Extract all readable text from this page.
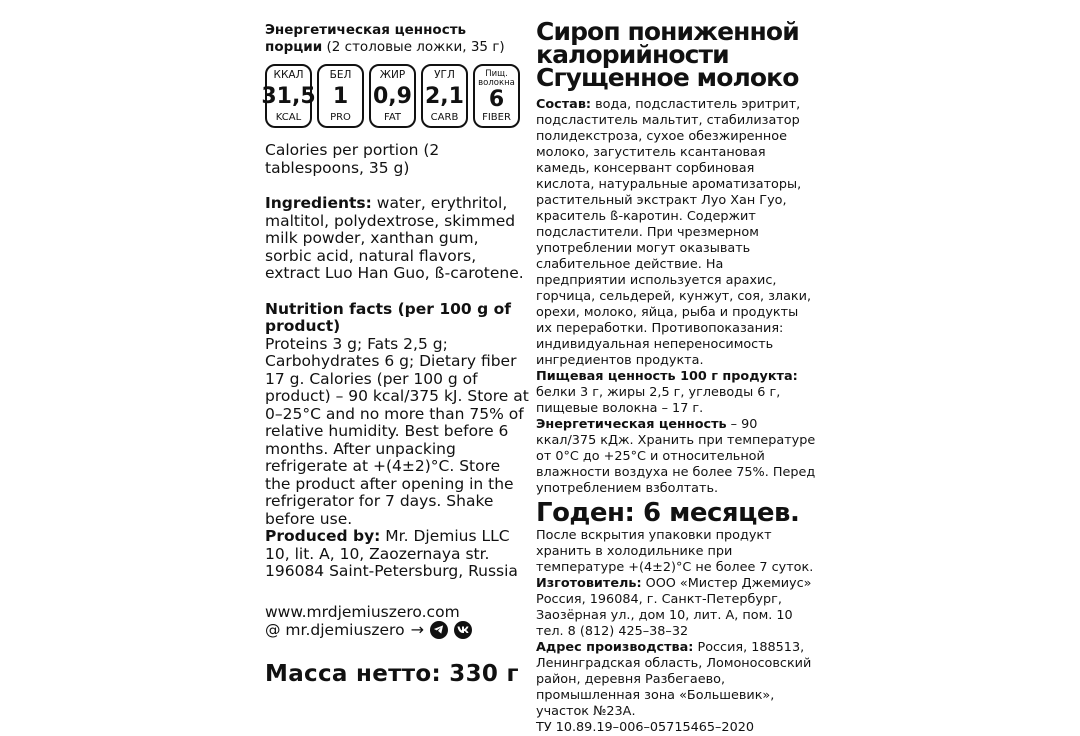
Энергетическая ценность
порции (2 столовые ложки, 35 г)
ККАЛ
31,5
KCAL
БЕЛ
1
PRO
ЖИР
0,9
FAT
УГЛ
2,1
CARB
Пищ. волокна
6
FIBER
Calories per portion (2 tablespoons, 35 g)
Ingredients: water, erythritol, maltitol, polydextrose, skimmed milk powder, xanthan gum, sorbic acid, natural flavors, extract Luo Han Guo, ß-carotene.
Nutrition facts (per 100 g of product)
Proteins 3 g; Fats 2,5 g; Carbohydrates 6 g; Dietary fiber 17 g. Calories (per 100 g of product) – 90 kcal/375 kJ. Store at 0–25°C and no more than 75% of relative humidity. Best before 6 months. After unpacking refrigerate at +(4±2)°C. Store the product after opening in the refrigerator for 7 days. Shake before use.
Produced by: Mr. Djemius LLC 10, lit. A, 10, Zaozernaya str. 196084 Saint-Petersburg, Russia
www.mrdjemiuszero.com
@ mr.djemiuszero →
Масса нетто: 330 г
Сироп пониженной калорийности Сгущенное молоко
Состав: вода, подсластитель эритрит, подсластитель мальтит, стабилизатор полидекстроза, сухое обезжиренное молоко, загуститель ксантановая камедь, консервант сорбиновая кислота, натуральные ароматизаторы, растительный экстракт Луо Хан Гуо, краситель ß-каротин. Содержит подсластители. При чрезмерном употреблении могут оказывать слабительное действие. На предприятии используется арахис, горчица, сельдерей, кунжут, соя, злаки, орехи, молоко, яйца, рыба и продукты их переработки. Противопоказания: индивидуальная непереносимость ингредиентов продукта.
Пищевая ценность 100 г продукта: белки 3 г, жиры 2,5 г, углеводы 6 г, пищевые волокна – 17 г.
Энергетическая ценность – 90 ккал/375 кДж. Хранить при температуре от 0°С до +25°С и относительной влажности воздуха не более 75%. Перед употреблением взболтать.
Годен: 6 месяцев.
После вскрытия упаковки продукт хранить в холодильнике при температуре +(4±2)°С не более 7 суток.
Изготовитель: ООО «Мистер Джемиус» Россия, 196084, г. Санкт-Петербург, Заозёрная ул., дом 10, лит. А, пом. 10 тел. 8 (812) 425–38–32
Адрес производства: Россия, 188513, Ленинградская область, Ломоносовский район, деревня Разбегаево, промышленная зона «Большевик», участок №23А.
ТУ 10.89.19–006–05715465–2020
